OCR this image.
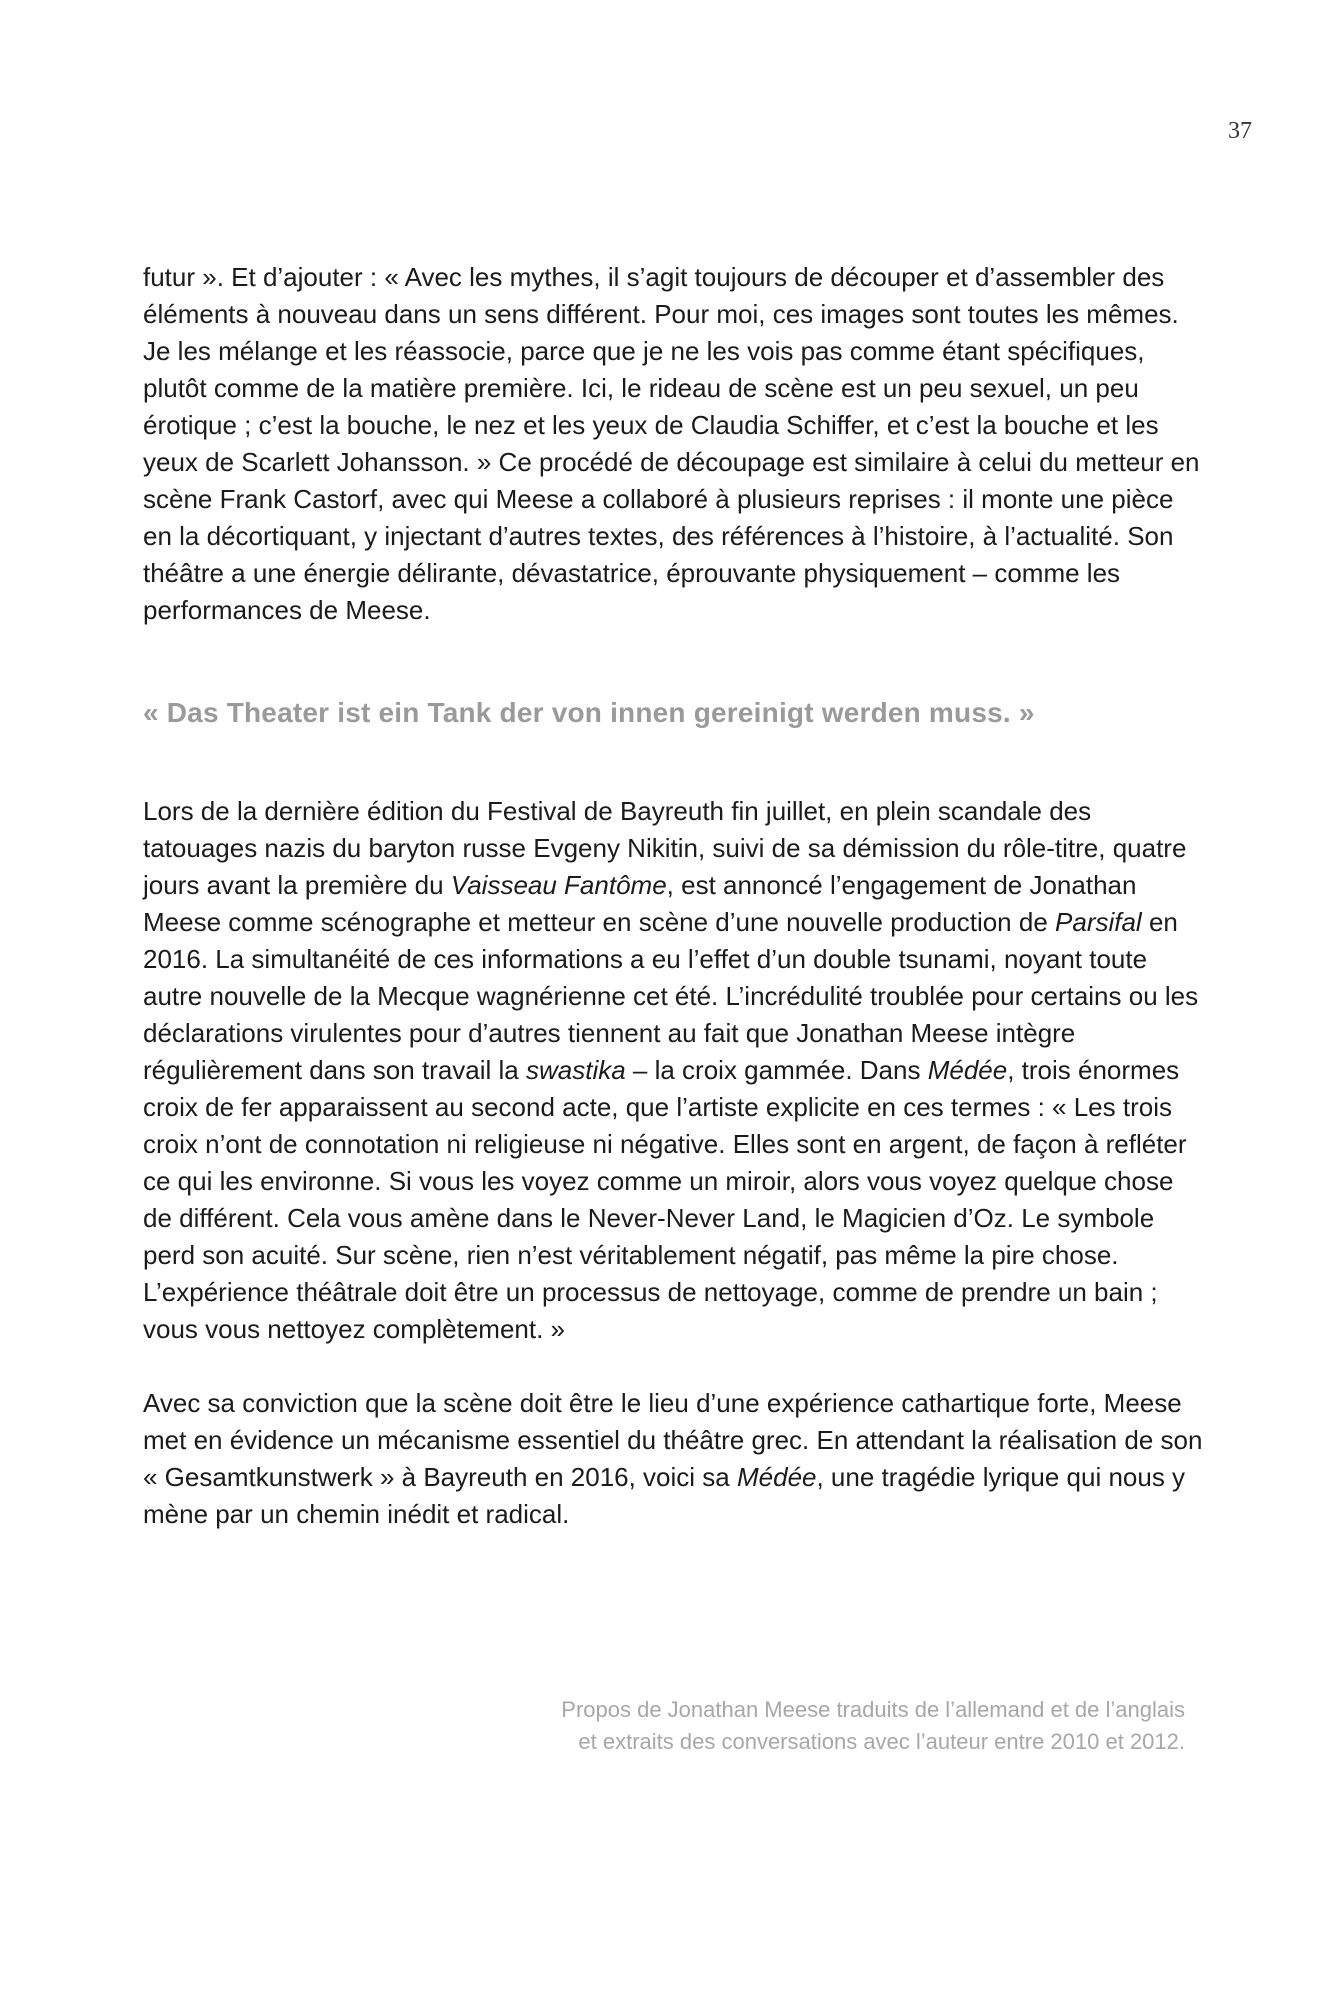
37

futur ». Et d’ajouter : « Avec les mythes, il s’agit toujours de découper et d’assembler des éléments à nouveau dans un sens différent. Pour moi, ces images sont toutes les mêmes. Je les mélange et les réassocie, parce que je ne les vois pas comme étant spécifiques, plutôt comme de la matière première. Ici, le rideau de scène est un peu sexuel, un peu érotique ; c’est la bouche, le nez et les yeux de Claudia Schiffer, et c’est la bouche et les yeux de Scarlett Johansson. » Ce procédé de découpage est similaire à celui du metteur en scène Frank Castorf, avec qui Meese a collaboré à plusieurs reprises : il monte une pièce en la décortiquant, y injectant d’autres textes, des références à l’histoire, à l’actualité. Son théâtre a une énergie délirante, dévastatrice, éprouvante physiquement – comme les performances de Meese.

« Das Theater ist ein Tank der von innen gereinigt werden muss. »

Lors de la dernière édition du Festival de Bayreuth fin juillet, en plein scandale des tatouages nazis du baryton russe Evgeny Nikitin, suivi de sa démission du rôle-titre, quatre jours avant la première du Vaisseau Fantôme, est annoncé l’engagement de Jonathan Meese comme scénographe et metteur en scène d’une nouvelle production de Parsifal en 2016. La simultanéité de ces informations a eu l’effet d’un double tsunami, noyant toute autre nouvelle de la Mecque wagnérienne cet été. L’incrédulité troublée pour certains ou les déclarations virulentes pour d’autres tiennent au fait que Jonathan Meese intègre régulièrement dans son travail la swastika – la croix gammée. Dans Médée, trois énormes croix de fer apparaissent au second acte, que l’artiste explicite en ces termes : « Les trois croix n’ont de connotation ni religieuse ni négative. Elles sont en argent, de façon à refléter ce qui les environne. Si vous les voyez comme un miroir, alors vous voyez quelque chose de différent. Cela vous amène dans le Never-Never Land, le Magicien d’Oz. Le symbole perd son acuité. Sur scène, rien n’est véritablement négatif, pas même la pire chose. L’expérience théâtrale doit être un processus de nettoyage, comme de prendre un bain ; vous vous nettoyez complètement. »

Avec sa conviction que la scène doit être le lieu d’une expérience cathartique forte, Meese met en évidence un mécanisme essentiel du théâtre grec. En attendant la réalisation de son « Gesamtkunstwerk » à Bayreuth en 2016, voici sa Médée, une tragédie lyrique qui nous y mène par un chemin inédit et radical.

Propos de Jonathan Meese traduits de l’allemand et de l’anglais
et extraits des conversations avec l’auteur entre 2010 et 2012.
